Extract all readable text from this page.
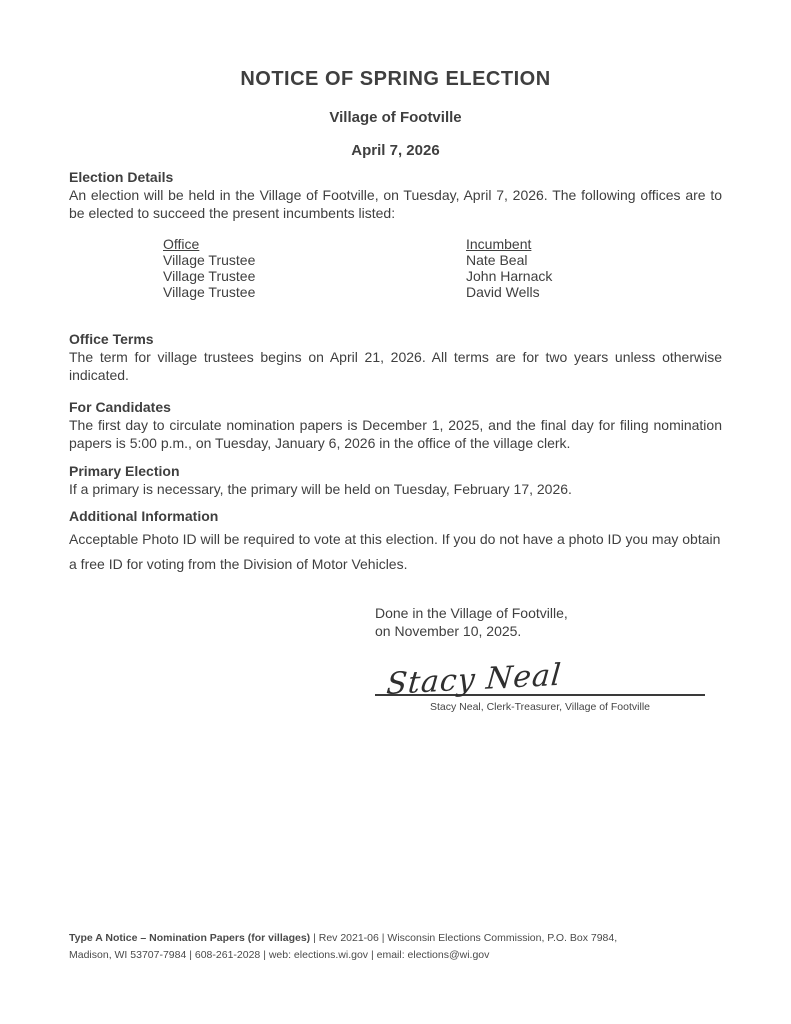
NOTICE OF SPRING ELECTION
Village of Footville
April 7, 2026

Election Details

An election will be held in the Village of Footville, on Tuesday, April 7, 2026. The following offices are to be elected to succeed the present incumbents listed:

Office	Incumbent
Village Trustee	Nate Beal
Village Trustee	John Harnack
Village Trustee	David Wells

Office Terms

The term for village trustees begins on April 21, 2026. All terms are for two years unless otherwise indicated.

For Candidates

The first day to circulate nomination papers is December 1, 2025, and the final day for filing nomination papers is 5:00 p.m., on Tuesday, January 6, 2026 in the office of the village clerk.

Primary Election

If a primary is necessary, the primary will be held on Tuesday, February 17, 2026.

Additional Information

Acceptable Photo ID will be required to vote at this election. If you do not have a photo ID you may obtain a free ID for voting from the Division of Motor Vehicles.

Done in the Village of Footville,
on November 10, 2025.
Stacy Neal
Stacy Neal, Clerk-Treasurer, Village of Footville
Type A Notice – Nomination Papers (for villages) | Rev 2021-06 | Wisconsin Elections Commission, P.O. Box 7984,
Madison, WI 53707-7984 | 608-261-2028 | web: elections.wi.gov | email: elections@wi.gov
